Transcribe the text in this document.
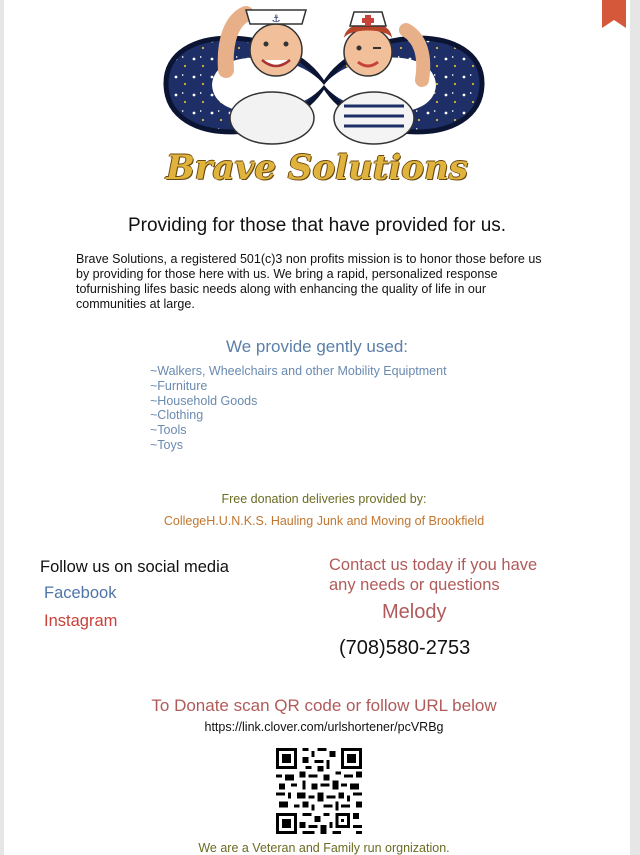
⚓
Brave Solutions

Providing for those that have provided for us.

Brave Solutions, a registered 501(c)3 non profits mission is to honor those before us by providing for those here with us. We bring a rapid, personalized response tofurnishing lifes basic needs along with enhancing the quality of life in our communities at large.

We provide gently used:

~Walkers, Wheelchairs and other Mobility Equiptment
~Furniture
~Household Goods
~Clothing
~Tools
~Toys

Free donation deliveries provided by:

CollegeH.U.N.K.S. Hauling Junk and Moving of Brookfield

Follow us on social media

Facebook

Instagram

Contact us today if you have
any needs or questions

Melody

(708)580-2753

To Donate scan QR code or follow URL below

https://link.clover.com/urlshortener/pcVRBg

We are a Veteran and Family run orgnization.
